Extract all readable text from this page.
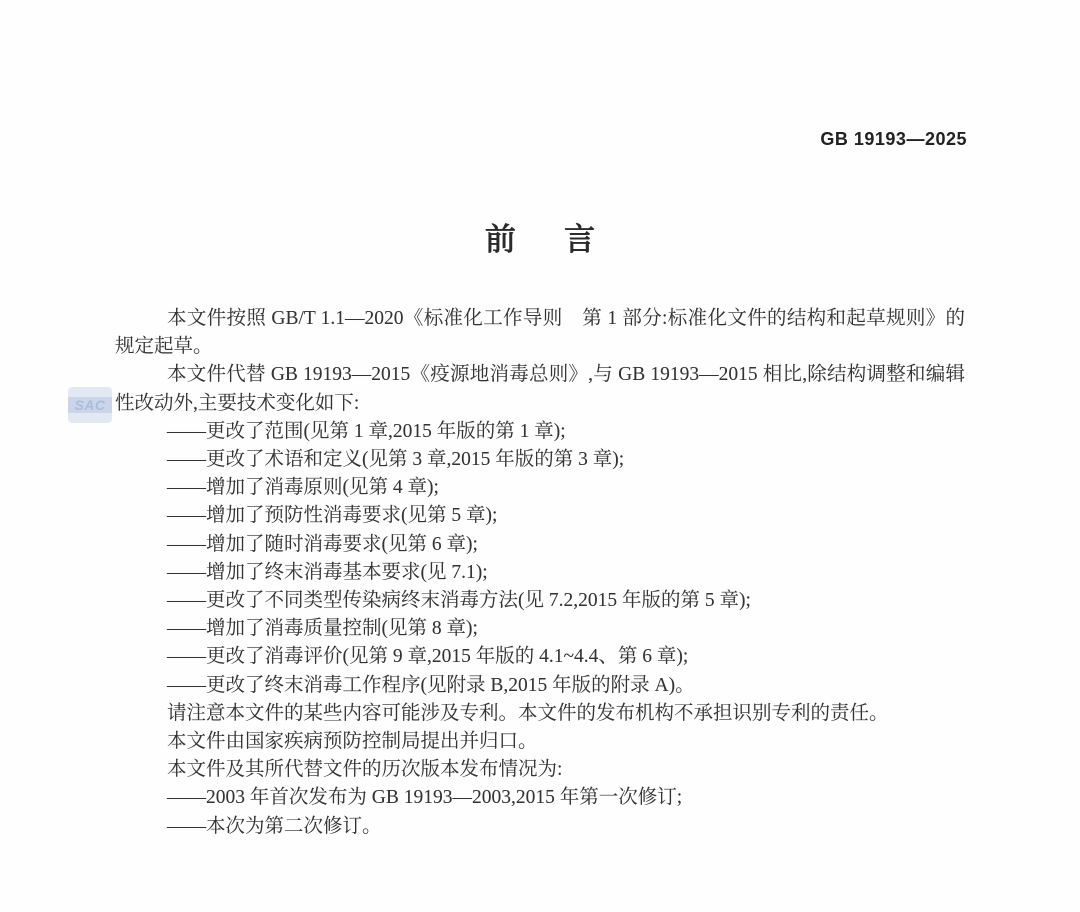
GB 19193—2025
前　言
SAC

本文件按照 GB/T 1.1—2020《标准化工作导则　第 1 部分:标准化文件的结构和起草规则》的规定起草。

本文件代替 GB 19193—2015《疫源地消毒总则》,与 GB 19193—2015 相比,除结构调整和编辑性改动外,主要技术变化如下:

——更改了范围(见第 1 章,2015 年版的第 1 章);

——更改了术语和定义(见第 3 章,2015 年版的第 3 章);

——增加了消毒原则(见第 4 章);

——增加了预防性消毒要求(见第 5 章);

——增加了随时消毒要求(见第 6 章);

——增加了终末消毒基本要求(见 7.1);

——更改了不同类型传染病终末消毒方法(见 7.2,2015 年版的第 5 章);

——增加了消毒质量控制(见第 8 章);

——更改了消毒评价(见第 9 章,2015 年版的 4.1~4.4、第 6 章);

——更改了终末消毒工作程序(见附录 B,2015 年版的附录 A)。

请注意本文件的某些内容可能涉及专利。本文件的发布机构不承担识别专利的责任。

本文件由国家疾病预防控制局提出并归口。

本文件及其所代替文件的历次版本发布情况为:

——2003 年首次发布为 GB 19193—2003,2015 年第一次修订;

——本次为第二次修订。
